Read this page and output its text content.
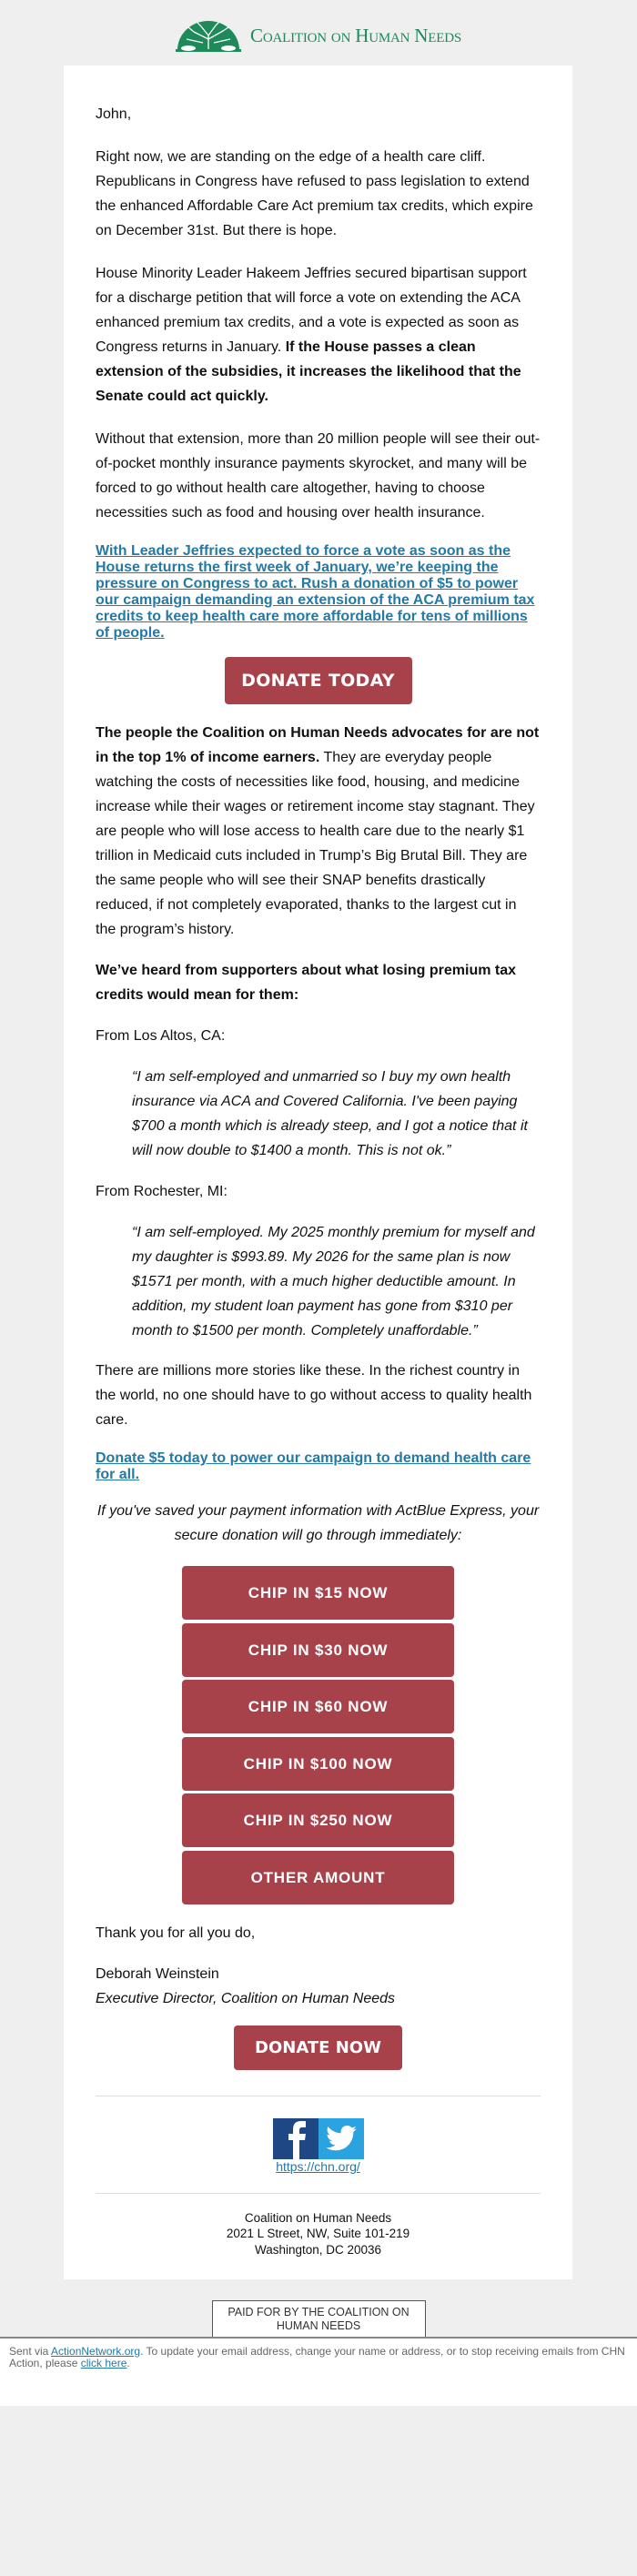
Coalition on Human Needs

John,

Right now, we are standing on the edge of a health care cliff. Republicans in Congress have refused to pass legislation to extend the enhanced Affordable Care Act premium tax credits, which expire on December 31st. But there is hope.

House Minority Leader Hakeem Jeffries secured bipartisan support for a discharge petition that will force a vote on extending the ACA enhanced premium tax credits, and a vote is expected as soon as Congress returns in January. If the House passes a clean extension of the subsidies, it increases the likelihood that the Senate could act quickly.

Without that extension, more than 20 million people will see their out-of-pocket monthly insurance payments skyrocket, and many will be forced to go without health care altogether, having to choose necessities such as food and housing over health insurance.

With Leader Jeffries expected to force a vote as soon as the House returns the first week of January, we’re keeping the pressure on Congress to act. Rush a donation of $5 to power our campaign demanding an extension of the ACA premium tax credits to keep health care more affordable for tens of millions of people.
DONATE TODAY

The people the Coalition on Human Needs advocates for are not in the top 1% of income earners. They are everyday people watching the costs of necessities like food, housing, and medicine increase while their wages or retirement income stay stagnant. They are people who will lose access to health care due to the nearly $1 trillion in Medicaid cuts included in Trump’s Big Brutal Bill. They are the same people who will see their SNAP benefits drastically reduced, if not completely evaporated, thanks to the largest cut in the program’s history.

We’ve heard from supporters about what losing premium tax credits would mean for them:

From Los Altos, CA:

“I am self-employed and unmarried so I buy my own health insurance via ACA and Covered California. I've been paying $700 a month which is already steep, and I got a notice that it will now double to $1400 a month. This is not ok.”

From Rochester, MI:

“I am self-employed. My 2025 monthly premium for myself and my daughter is $993.89. My 2026 for the same plan is now $1571 per month, with a much higher deductible amount. In addition, my student loan payment has gone from $310 per month to $1500 per month. Completely unaffordable.”

There are millions more stories like these. In the richest country in the world, no one should have to go without access to quality health care.

Donate $5 today to power our campaign to demand health care for all.

If you've saved your payment information with ActBlue Express, your secure donation will go through immediately:

CHIP IN $15 NOW
CHIP IN $30 NOW
CHIP IN $60 NOW
CHIP IN $100 NOW
CHIP IN $250 NOW
OTHER AMOUNT

Thank you for all you do,

Deborah Weinstein

Executive Director, Coalition on Human Needs

DONATE NOW
https://chn.org/
Coalition on Human Needs
2021 L Street, NW, Suite 101-219
Washington, DC 20036
PAID FOR BY THE COALITION ON HUMAN NEEDS
Sent via ActionNetwork.org. To update your email address, change your name or address, or to stop receiving emails from CHN Action, please click here.
